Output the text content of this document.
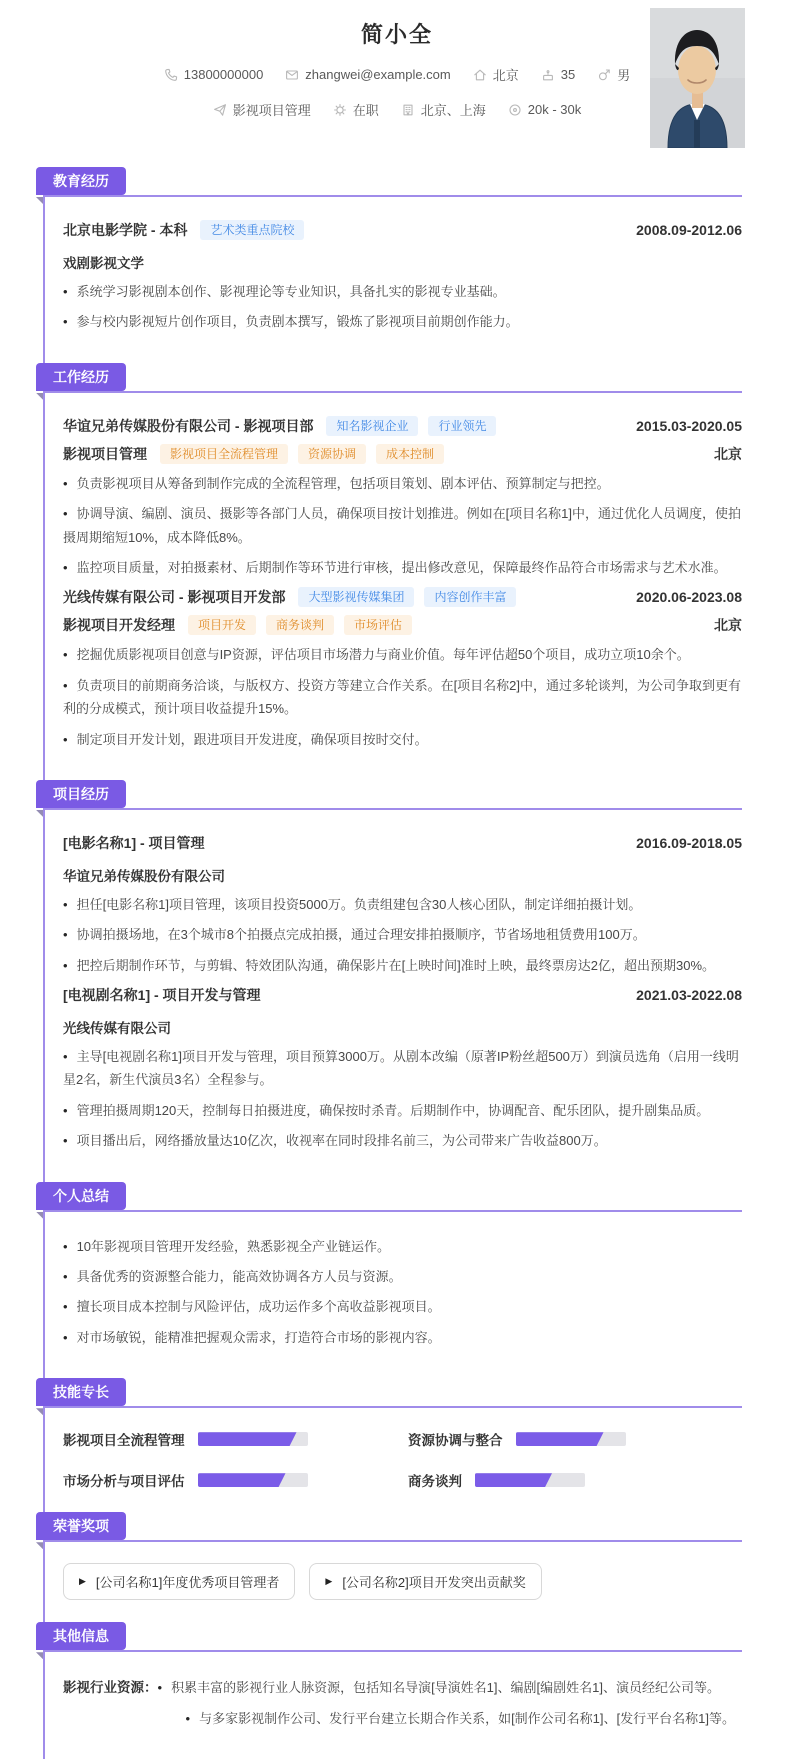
简小全
13800000000	zhangwei@example.com	北京	35	男
影视项目管理	在职	北京、上海	20k - 30k
教育经历
北京电影学院 - 本科	艺术类重点院校	2008.09-2012.06
戏剧影视文学
• 系统学习影视剧本创作、影视理论等专业知识，具备扎实的影视专业基础。
• 参与校内影视短片创作项目，负责剧本撰写，锻炼了影视项目前期创作能力。
工作经历
华谊兄弟传媒股份有限公司 - 影视项目部	知名影视企业	行业领先	2015.03-2020.05
影视项目管理	影视项目全流程管理	资源协调	成本控制	北京
• 负责影视项目从筹备到制作完成的全流程管理，包括项目策划、剧本评估、预算制定与把控。
• 协调导演、编剧、演员、摄影等各部门人员，确保项目按计划推进。例如在[项目名称1]中，通过优化人员调度，使拍摄周期缩短10%，成本降低8%。
• 监控项目质量，对拍摄素材、后期制作等环节进行审核，提出修改意见，保障最终作品符合市场需求与艺术水准。
光线传媒有限公司 - 影视项目开发部	大型影视传媒集团	内容创作丰富	2020.06-2023.08
影视项目开发经理	项目开发	商务谈判	市场评估	北京
• 挖掘优质影视项目创意与IP资源，评估项目市场潜力与商业价值。每年评估超50个项目，成功立项10余个。
• 负责项目的前期商务洽谈，与版权方、投资方等建立合作关系。在[项目名称2]中，通过多轮谈判，为公司争取到更有利的分成模式，预计项目收益提升15%。
• 制定项目开发计划，跟进项目开发进度，确保项目按时交付。
项目经历
[电影名称1] - 项目管理	2016.09-2018.05
华谊兄弟传媒股份有限公司
• 担任[电影名称1]项目管理，该项目投资5000万。负责组建包含30人核心团队，制定详细拍摄计划。
• 协调拍摄场地，在3个城市8个拍摄点完成拍摄，通过合理安排拍摄顺序，节省场地租赁费用100万。
• 把控后期制作环节，与剪辑、特效团队沟通，确保影片在[上映时间]准时上映，最终票房达2亿，超出预期30%。
[电视剧名称1] - 项目开发与管理	2021.03-2022.08
光线传媒有限公司
• 主导[电视剧名称1]项目开发与管理，项目预算3000万。从剧本改编（原著IP粉丝超500万）到演员选角（启用一线明星2名，新生代演员3名）全程参与。
• 管理拍摄周期120天，控制每日拍摄进度，确保按时杀青。后期制作中，协调配音、配乐团队，提升剧集品质。
• 项目播出后，网络播放量达10亿次，收视率在同时段排名前三，为公司带来广告收益800万。
个人总结
• 10年影视项目管理开发经验，熟悉影视全产业链运作。
• 具备优秀的资源整合能力，能高效协调各方人员与资源。
• 擅长项目成本控制与风险评估，成功运作多个高收益影视项目。
• 对市场敏锐，能精准把握观众需求，打造符合市场的影视内容。
技能专长
影视项目全流程管理	资源协调与整合
市场分析与项目评估	商务谈判
荣誉奖项
▶ [公司名称1]年度优秀项目管理者	▶ [公司名称2]项目开发突出贡献奖
其他信息
影视行业资源： • 积累丰富的影视行业人脉资源，包括知名导演[导演姓名1]、编剧[编剧姓名1]、演员经纪公司等。
• 与多家影视制作公司、发行平台建立长期合作关系，如[制作公司名称1]、[发行平台名称1]等。
